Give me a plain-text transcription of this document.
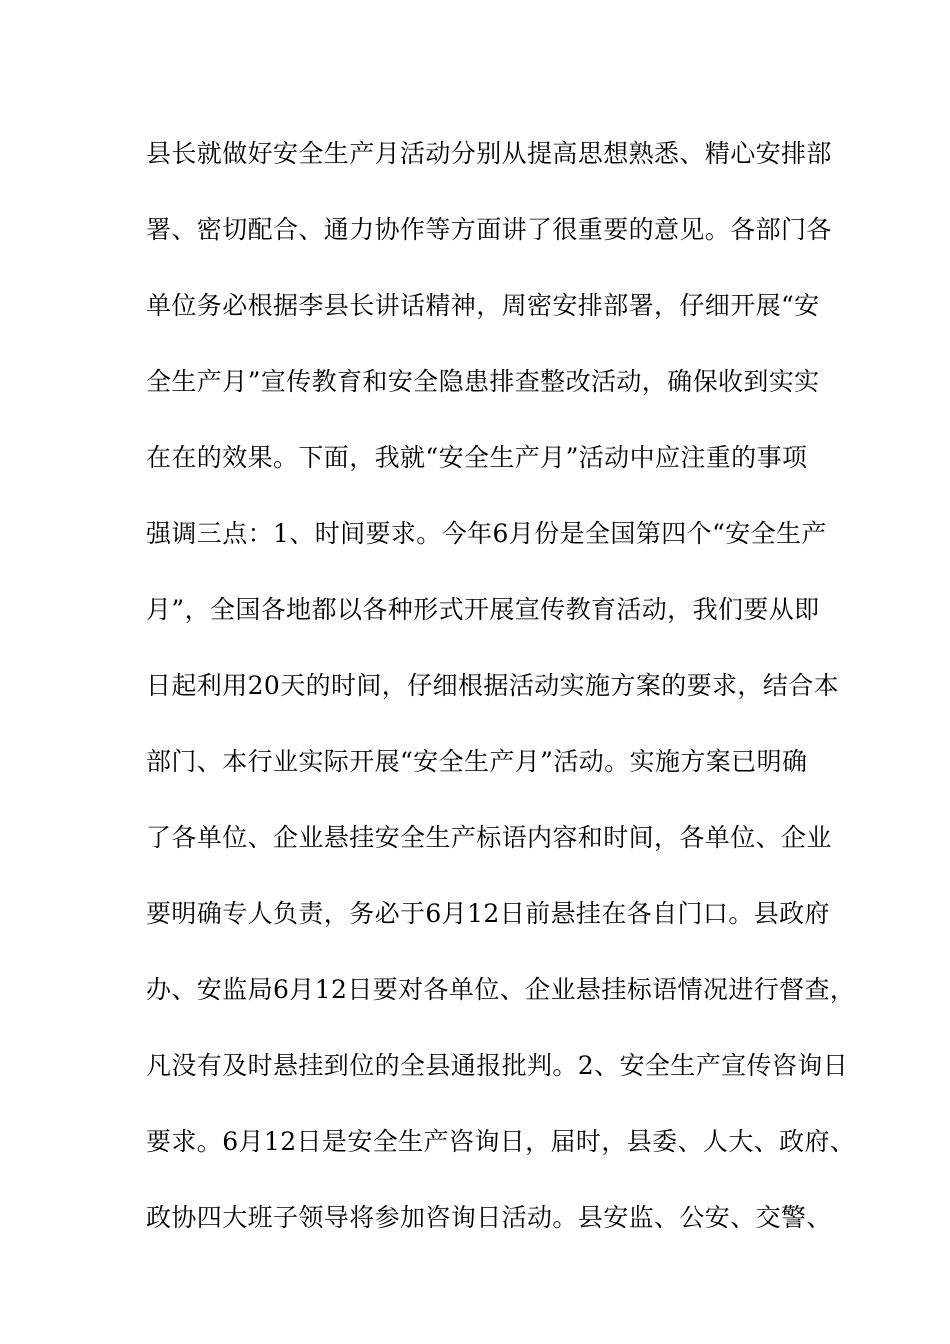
县长就做好安全生产月活动分别从提高思想熟悉、精心安排部
署、密切配合、通力协作等方面讲了很重要的意见。各部门各
单位务必根据李县长讲话精神，周密安排部署，仔细开展“安
全生产月”宣传教育和安全隐患排查整改活动，确保收到实实
在在的效果。下面，我就“安全生产月”活动中应注重的事项
强调三点：1、时间要求。今年6月份是全国第四个“安全生产
月”，全国各地都以各种形式开展宣传教育活动，我们要从即
日起利用20天的时间，仔细根据活动实施方案的要求，结合本
部门、本行业实际开展“安全生产月”活动。实施方案已明确
了各单位、企业悬挂安全生产标语内容和时间，各单位、企业
要明确专人负责，务必于6月12日前悬挂在各自门口。县政府
办、安监局6月12日要对各单位、企业悬挂标语情况进行督查，
凡没有及时悬挂到位的全县通报批判。2、安全生产宣传咨询日
要求。6月12日是安全生产咨询日，届时，县委、人大、政府、
政协四大班子领导将参加咨询日活动。县安监、公安、交警、
